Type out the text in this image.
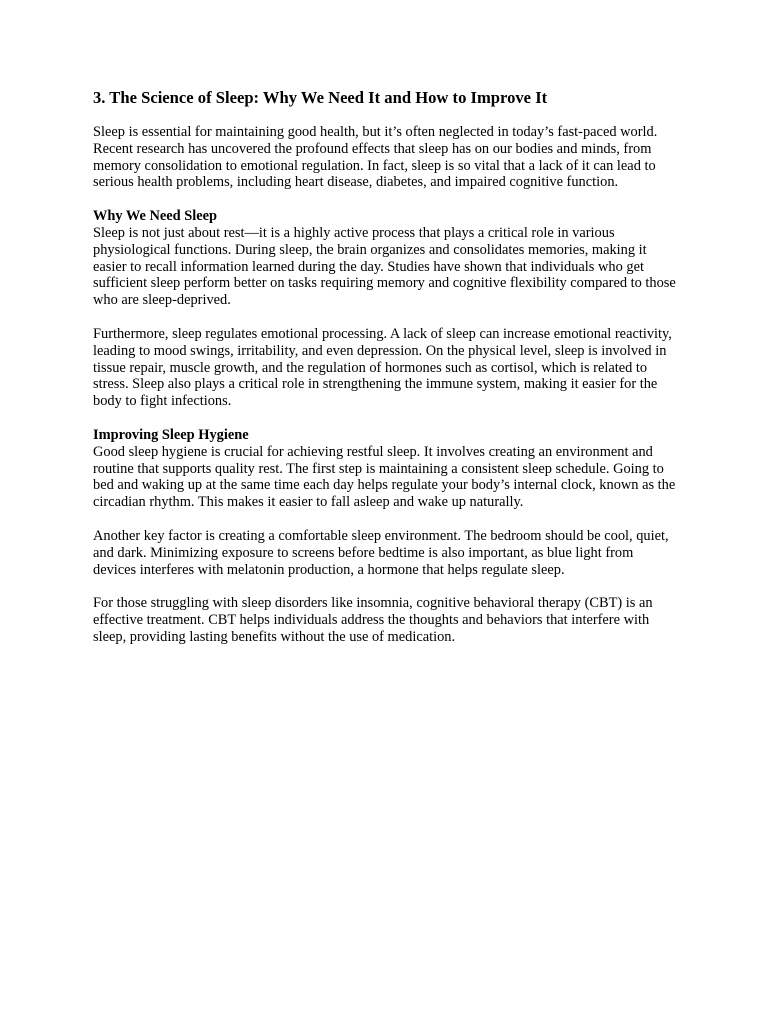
3. The Science of Sleep: Why We Need It and How to Improve It

Sleep is essential for maintaining good health, but it’s often neglected in today’s fast-paced world. Recent research has uncovered the profound effects that sleep has on our bodies and minds, from memory consolidation to emotional regulation. In fact, sleep is so vital that a lack of it can lead to serious health problems, including heart disease, diabetes, and impaired cognitive function.

Why We Need Sleep

Sleep is not just about rest—it is a highly active process that plays a critical role in various physiological functions. During sleep, the brain organizes and consolidates memories, making it easier to recall information learned during the day. Studies have shown that individuals who get sufficient sleep perform better on tasks requiring memory and cognitive flexibility compared to those who are sleep-deprived.

Furthermore, sleep regulates emotional processing. A lack of sleep can increase emotional reactivity, leading to mood swings, irritability, and even depression. On the physical level, sleep is involved in tissue repair, muscle growth, and the regulation of hormones such as cortisol, which is related to stress. Sleep also plays a critical role in strengthening the immune system, making it easier for the body to fight infections.

Improving Sleep Hygiene

Good sleep hygiene is crucial for achieving restful sleep. It involves creating an environment and routine that supports quality rest. The first step is maintaining a consistent sleep schedule. Going to bed and waking up at the same time each day helps regulate your body’s internal clock, known as the circadian rhythm. This makes it easier to fall asleep and wake up naturally.

Another key factor is creating a comfortable sleep environment. The bedroom should be cool, quiet, and dark. Minimizing exposure to screens before bedtime is also important, as blue light from devices interferes with melatonin production, a hormone that helps regulate sleep.

For those struggling with sleep disorders like insomnia, cognitive behavioral therapy (CBT) is an effective treatment. CBT helps individuals address the thoughts and behaviors that interfere with sleep, providing lasting benefits without the use of medication.
